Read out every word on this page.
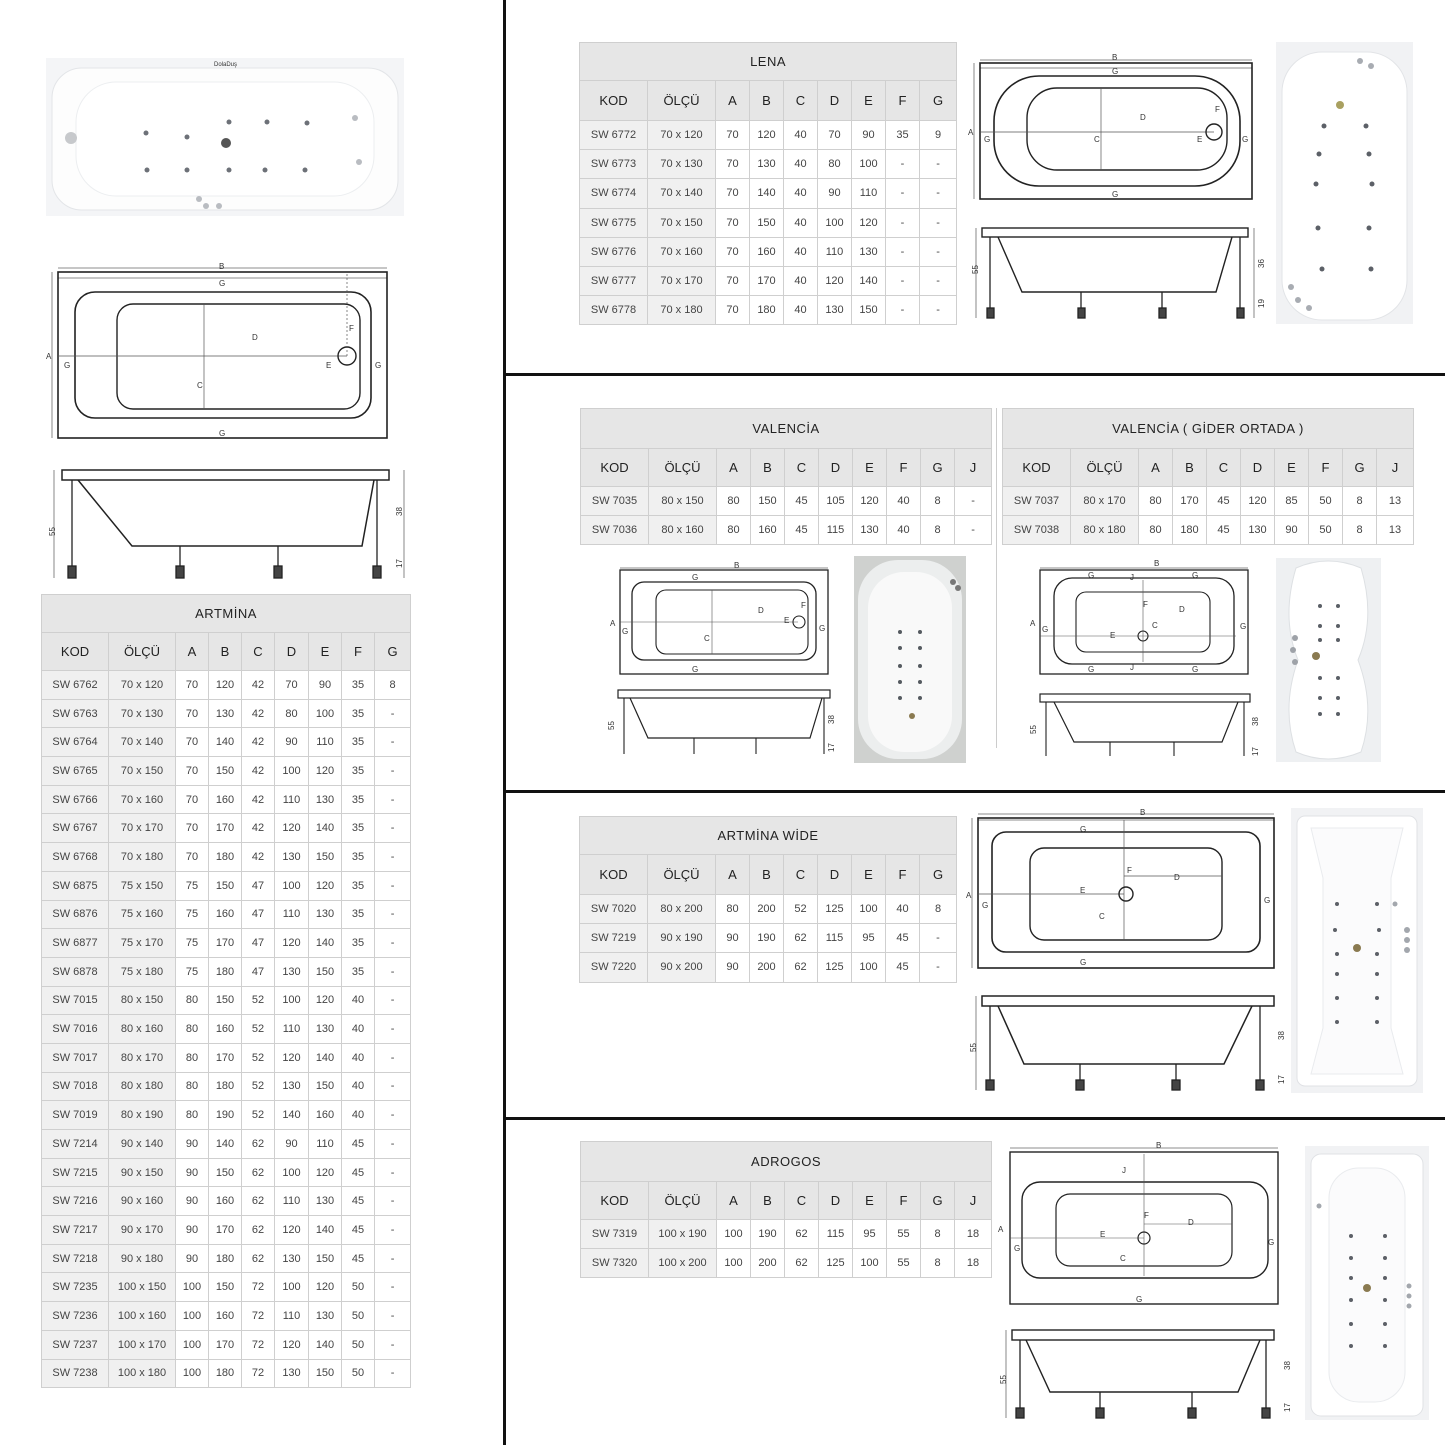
DolaDuş
B
G
G
G	G
A
D
C
E
F
55
38
17
ARTMİNA								
KOD	ÖLÇÜ	A	B	C	D	E	F	G
SW 6762	70 x 120	70	120	42	70	90	35	8
SW 6763	70 x 130	70	130	42	80	100	35	-
SW 6764	70 x 140	70	140	42	90	110	35	-
SW 6765	70 x 150	70	150	42	100	120	35	-
SW 6766	70 x 160	70	160	42	110	130	35	-
SW 6767	70 x 170	70	170	42	120	140	35	-
SW 6768	70 x 180	70	180	42	130	150	35	-
SW 6875	75 x 150	75	150	47	100	120	35	-
SW 6876	75 x 160	75	160	47	110	130	35	-
SW 6877	75 x 170	75	170	47	120	140	35	-
SW 6878	75 x 180	75	180	47	130	150	35	-
SW 7015	80 x 150	80	150	52	100	120	40	-
SW 7016	80 x 160	80	160	52	110	130	40	-
SW 7017	80 x 170	80	170	52	120	140	40	-
SW 7018	80 x 180	80	180	52	130	150	40	-
SW 7019	80 x 190	80	190	52	140	160	40	-
SW 7214	90 x 140	90	140	62	90	110	45	-
SW 7215	90 x 150	90	150	62	100	120	45	-
SW 7216	90 x 160	90	160	62	110	130	45	-
SW 7217	90 x 170	90	170	62	120	140	45	-
SW 7218	90 x 180	90	180	62	130	150	45	-
SW 7235	100 x 150	100	150	72	100	120	50	-
SW 7236	100 x 160	100	160	72	110	130	50	-
SW 7237	100 x 170	100	170	72	120	140	50	-
SW 7238	100 x 180	100	180	72	130	150	50	-
LENA								
KOD	ÖLÇÜ	A	B	C	D	E	F	G
SW 6772	70 x 120	70	120	40	70	90	35	9
SW 6773	70 x 130	70	130	40	80	100	-	-
SW 6774	70 x 140	70	140	40	90	110	-	-
SW 6775	70 x 150	70	150	40	100	120	-	-
SW 6776	70 x 160	70	160	40	110	130	-	-
SW 6777	70 x 170	70	170	40	120	140	-	-
SW 6778	70 x 180	70	180	40	130	150	-	-
B
G
G
G	G
A
D
C	E
F
55
36
19
VALENCİA									
KOD	ÖLÇÜ	A	B	C	D	E	F	G	J
SW 7035	80 x 150	80	150	45	105	120	40	8	-
SW 7036	80 x 160	80	160	45	115	130	40	8	-
VALENCİA ( GİDER ORTADA )									
KOD	ÖLÇÜ	A	B	C	D	E	F	G	J
SW 7037	80 x 170	80	170	45	120	85	50	8	13
SW 7038	80 x 180	80	180	45	130	90	50	8	13
B
G
G
G	G
A
D
C
E
F
55
38
17
B
G	G
J
J
G	G
G	G
A
D
C
E
F
55
38
17
ARTMİNA WİDE								
KOD	ÖLÇÜ	A	B	C	D	E	F	G
SW 7020	80 x 200	80	200	52	125	100	40	8
SW 7219	90 x 190	90	190	62	115	95	45	-
SW 7220	90 x 200	90	200	62	125	100	45	-
B
G
G
G
G
A
D
C
E
F
55
38
17
ADROGOS									
KOD	ÖLÇÜ	A	B	C	D	E	F	G	J
SW 7319	100 x 190	100	190	62	115	95	55	8	18
SW 7320	100 x 200	100	200	62	125	100	55	8	18
B
J
G
G
G
A
D
C
E
F
55
38
17
